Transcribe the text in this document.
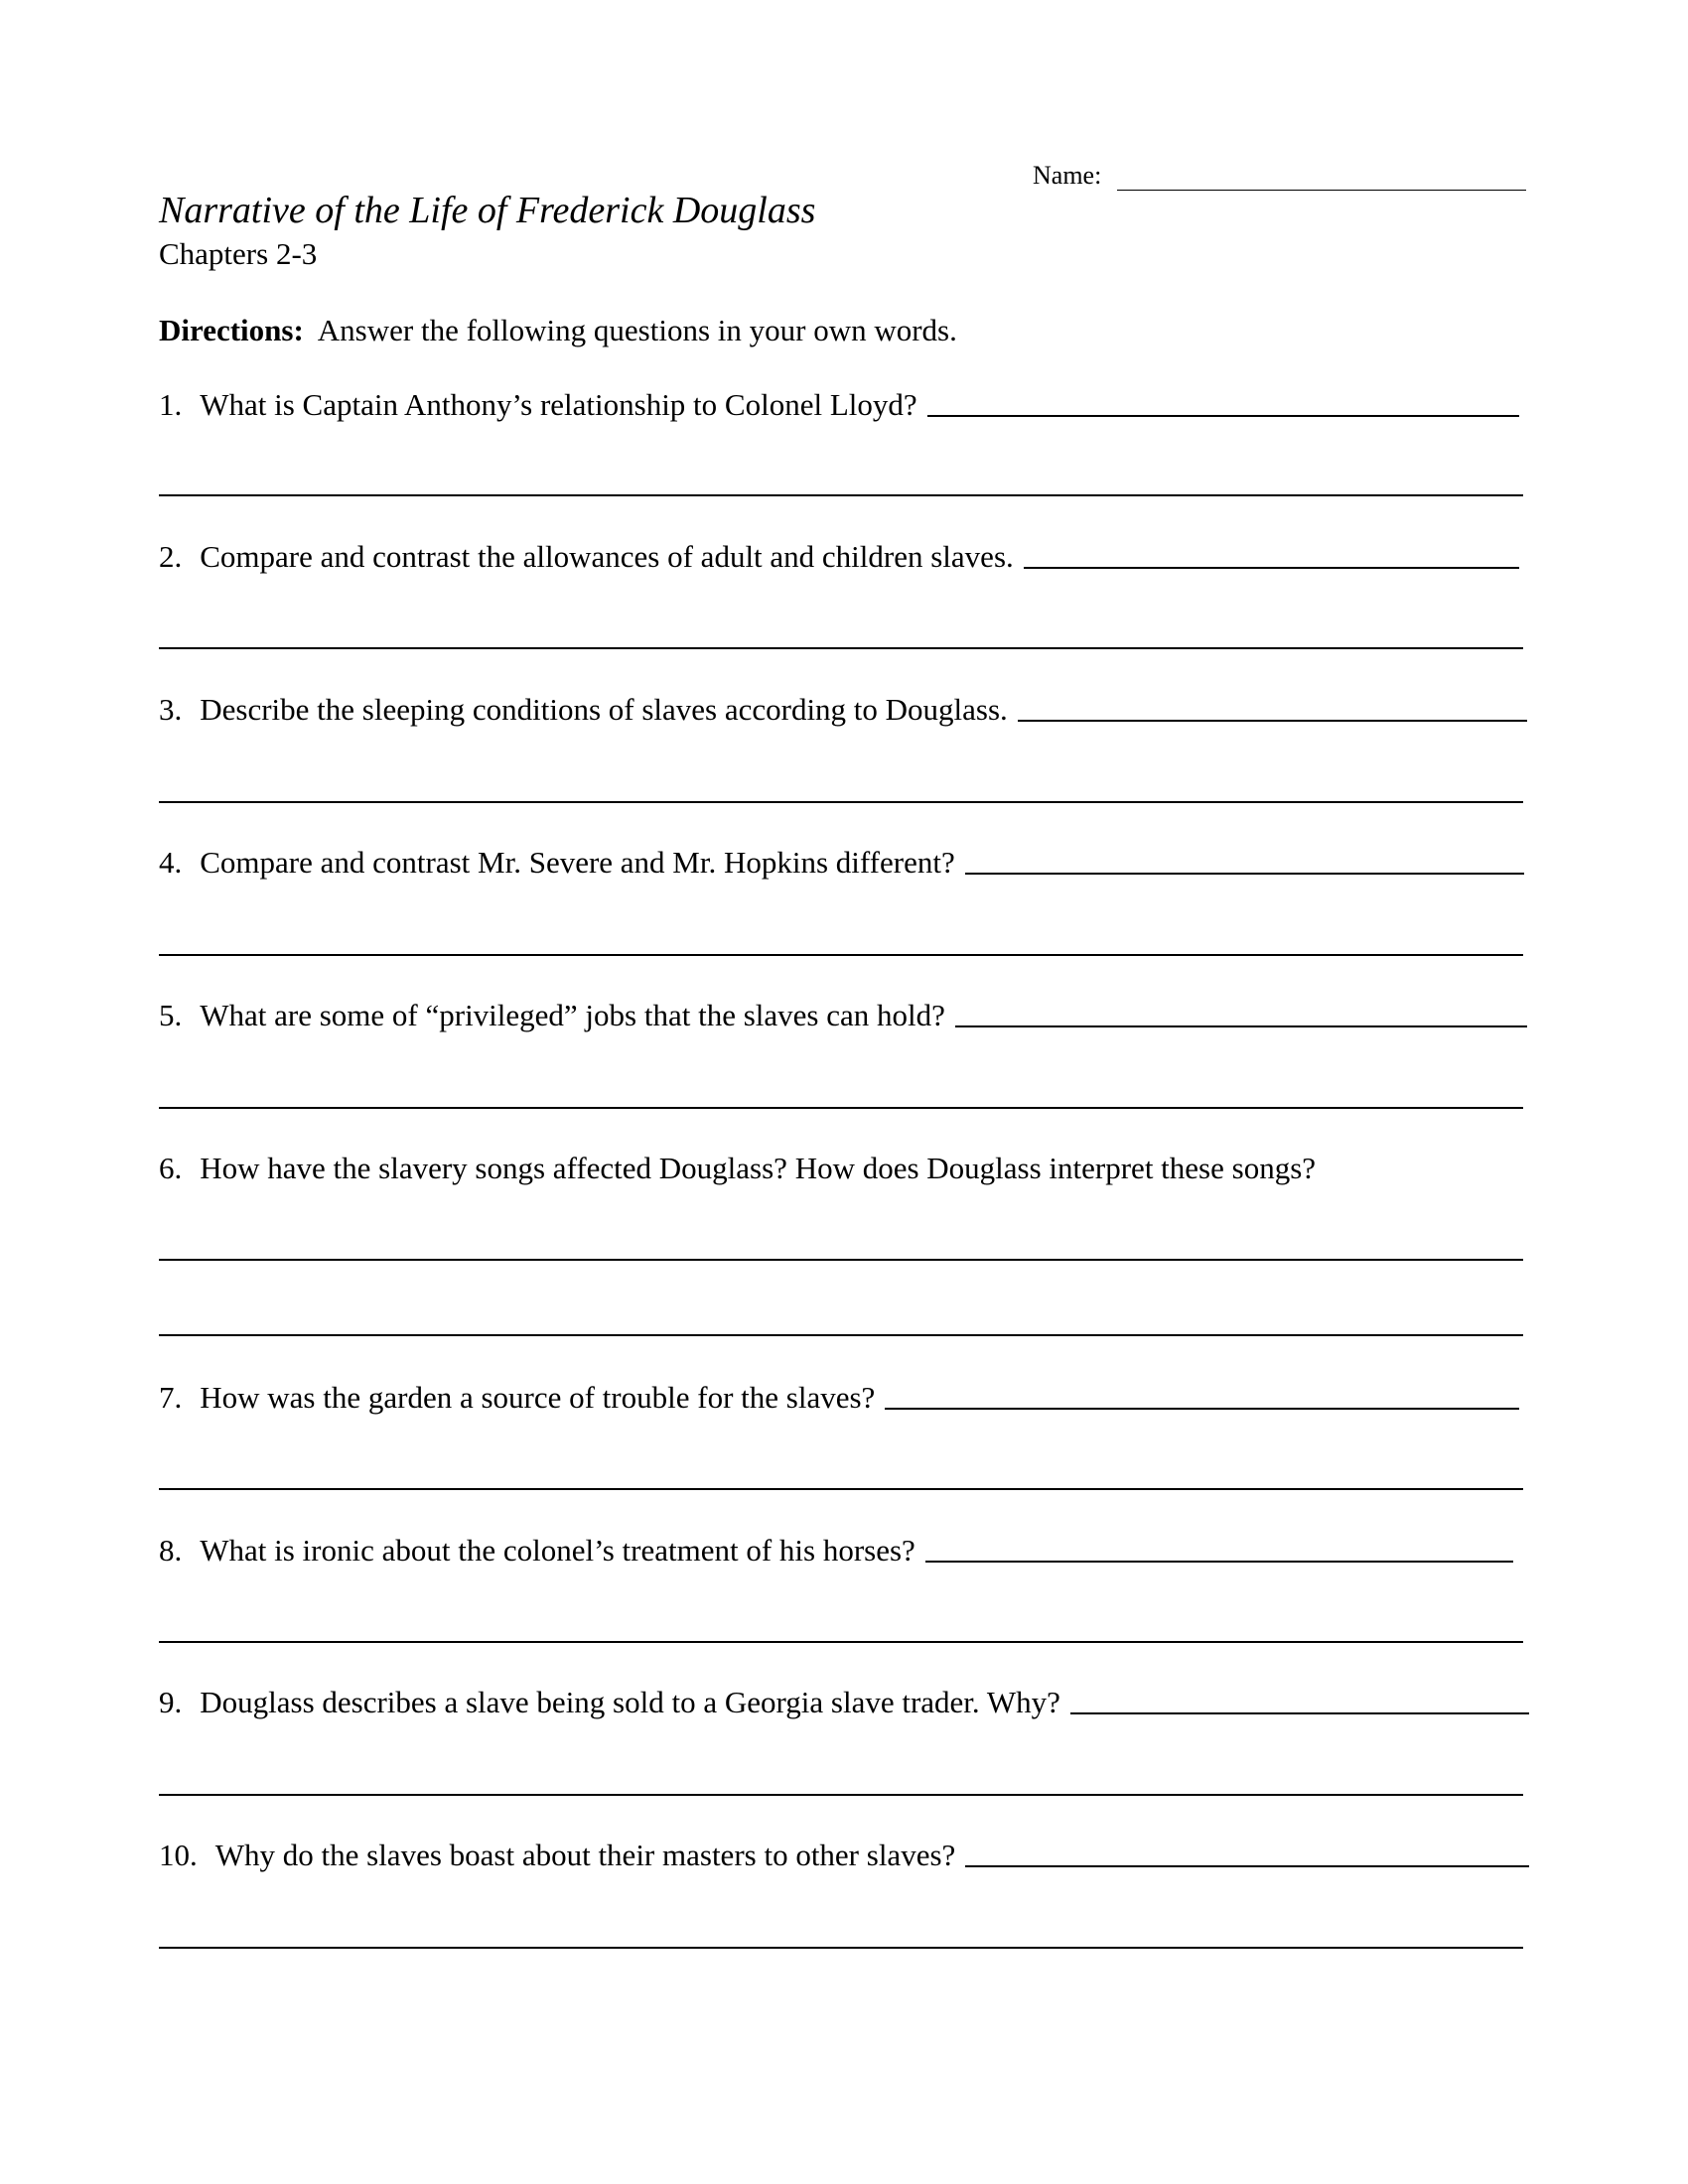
Name:
Narrative of the Life of Frederick Douglass
Chapters 2-3
Directions: Answer the following questions in your own words.
1. What is Captain Anthony’s relationship to Colonel Lloyd?
2. Compare and contrast the allowances of adult and children slaves.
3. Describe the sleeping conditions of slaves according to Douglass.
4. Compare and contrast Mr. Severe and Mr. Hopkins different?
5. What are some of “privileged” jobs that the slaves can hold?
6. How have the slavery songs affected Douglass? How does Douglass interpret these songs?
7. How was the garden a source of trouble for the slaves?
8. What is ironic about the colonel’s treatment of his horses?
9. Douglass describes a slave being sold to a Georgia slave trader. Why?
10. Why do the slaves boast about their masters to other slaves?
